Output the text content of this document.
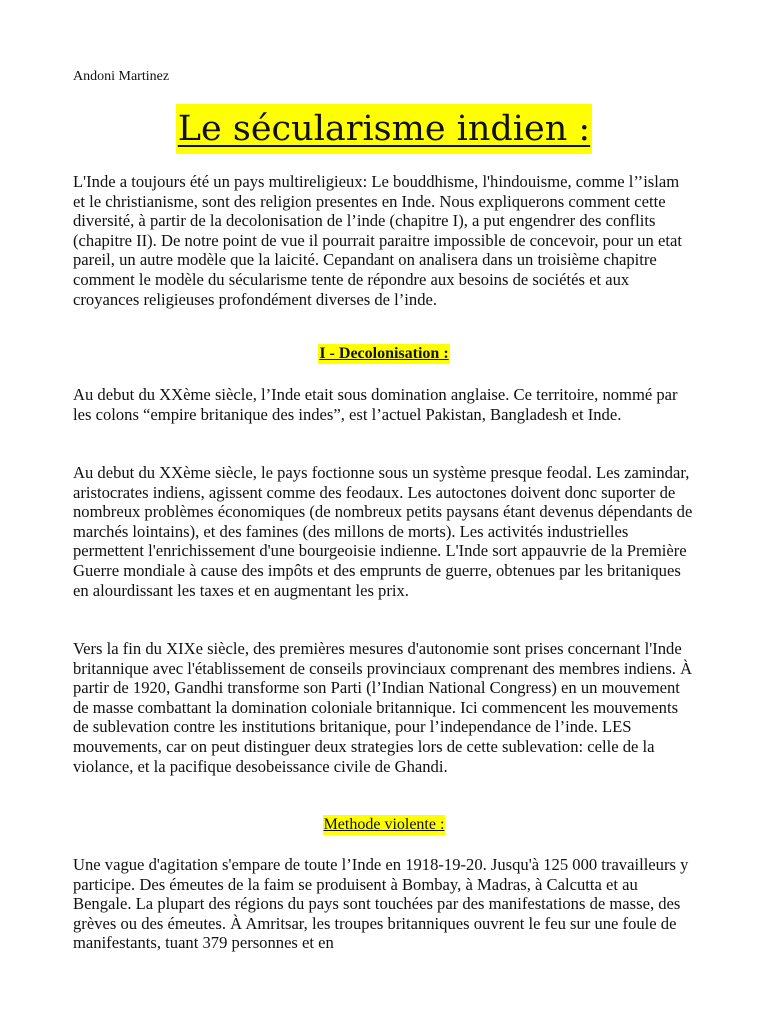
Andoni Martinez
Le sécularisme indien :

L'Inde a toujours été un pays multireligieux: Le bouddhisme, l'hindouisme, comme l’’islam et le christianisme, sont des religion presentes en Inde. Nous expliquerons comment cette diversité, à partir de la decolonisation de l’inde (chapitre I), a put engendrer des conflits (chapitre II). De notre point de vue il pourrait paraitre impossible de concevoir, pour un etat pareil, un autre modèle que la laicité. Cepandant on analisera dans un troisième chapitre comment le modèle du sécularisme tente de répondre aux besoins de sociétés et aux croyances religieuses profondément diverses de l’inde.

I - Decolonisation :

Au debut du XXème siècle, l’Inde etait sous domination anglaise. Ce territoire, nommé par les colons “empire britanique des indes”, est l’actuel Pakistan, Bangladesh et Inde.

Au debut du XXème siècle, le pays foctionne sous un système presque feodal. Les zamindar, aristocrates indiens, agissent comme des feodaux. Les autoctones doivent donc suporter de nombreux problèmes économiques (de nombreux petits paysans étant devenus dépendants de marchés lointains), et des famines (des millons de morts). Les activités industrielles permettent l'enrichissement d'une bourgeoisie indienne. L'Inde sort appauvrie de la Première Guerre mondiale à cause des impôts et des emprunts de guerre, obtenues par les britaniques en alourdissant les taxes et en augmentant les prix.

Vers la fin du XIXe siècle, des premières mesures d'autonomie sont prises concernant l'Inde britannique avec l'établissement de conseils provinciaux comprenant des membres indiens. À partir de 1920, Gandhi transforme son Parti (l’Indian National Congress) en un mouvement de masse combattant la domination coloniale britannique. Ici commencent les mouvements de sublevation contre les institutions britanique, pour l’independance de l’inde. LES mouvements, car on peut distinguer deux strategies lors de cette sublevation: celle de la violance, et la pacifique desobeissance civile de Ghandi.

Methode violente :

Une vague d'agitation s'empare de toute l’Inde en 1918-19-20. Jusqu'à 125 000 travailleurs y participe. Des émeutes de la faim se produisent à Bombay, à Madras, à Calcutta et au Bengale. La plupart des régions du pays sont touchées par des manifestations de masse, des grèves ou des émeutes. À Amritsar, les troupes britanniques ouvrent le feu sur une foule de manifestants, tuant 379 personnes et en
